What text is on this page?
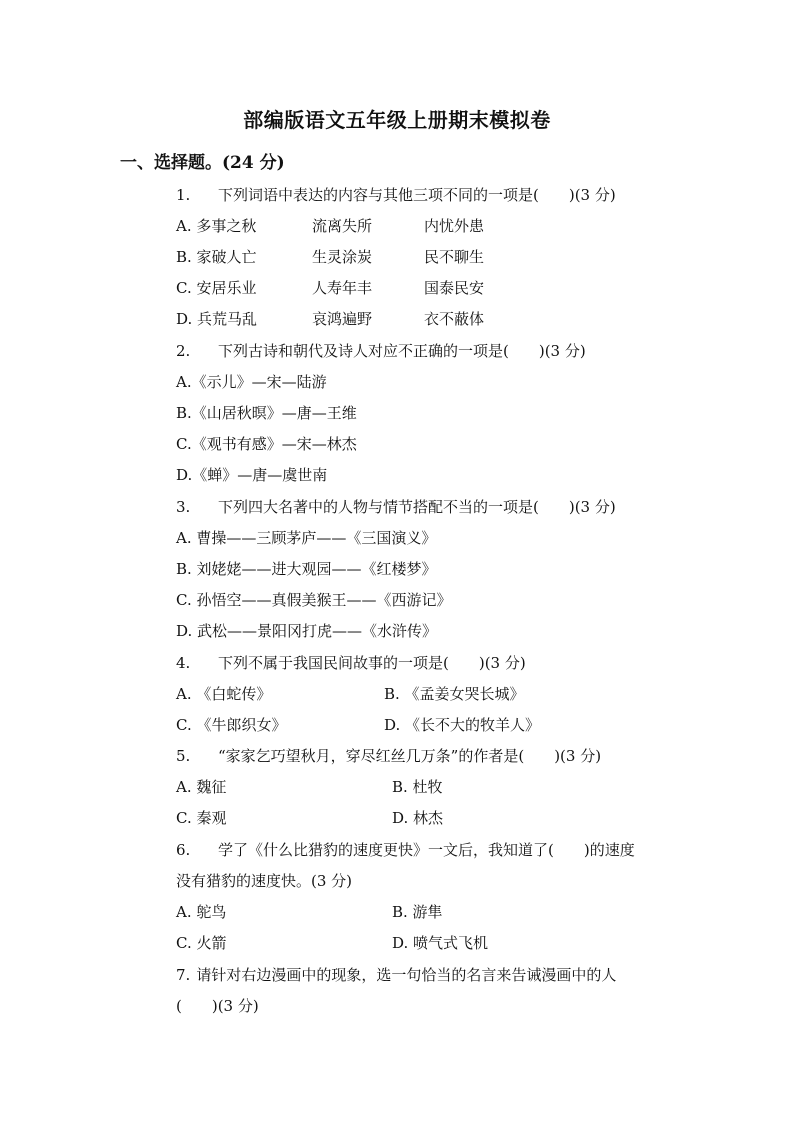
部编版语文五年级上册期末模拟卷
一、选择题。(24 分)
1. 下列词语中表达的内容与其他三项不同的一项是(　　)(3 分)
A. 多事之秋	流离失所	内忧外患
B. 家破人亡	生灵涂炭	民不聊生
C. 安居乐业	人寿年丰	国泰民安
D. 兵荒马乱	哀鸿遍野	衣不蔽体
2. 下列古诗和朝代及诗人对应不正确的一项是(　　)(3 分)
A.《示儿》—宋—陆游
B.《山居秋暝》—唐—王维
C.《观书有感》—宋—林杰
D.《蝉》—唐—虞世南
3. 下列四大名著中的人物与情节搭配不当的一项是(　　)(3 分)
A. 曹操——三顾茅庐——《三国演义》
B. 刘姥姥——进大观园——《红楼梦》
C. 孙悟空——真假美猴王——《西游记》
D. 武松——景阳冈打虎——《水浒传》
4. 下列不属于我国民间故事的一项是(　　)(3 分)
A. 《白蛇传》	B. 《孟姜女哭长城》
C. 《牛郎织女》	D. 《长不大的牧羊人》
5. “家家乞巧望秋月，穿尽红丝几万条”的作者是(　　)(3 分)
A. 魏征	B. 杜牧
C. 秦观	D. 林杰
6. 学了《什么比猎豹的速度更快》一文后，我知道了(　　)的速度
没有猎豹的速度快。(3 分)
A. 鸵鸟	B. 游隼
C. 火箭	D. 喷气式飞机
7. 请针对右边漫画中的现象，选一句恰当的名言来告诫漫画中的人
(　　)(3 分)
